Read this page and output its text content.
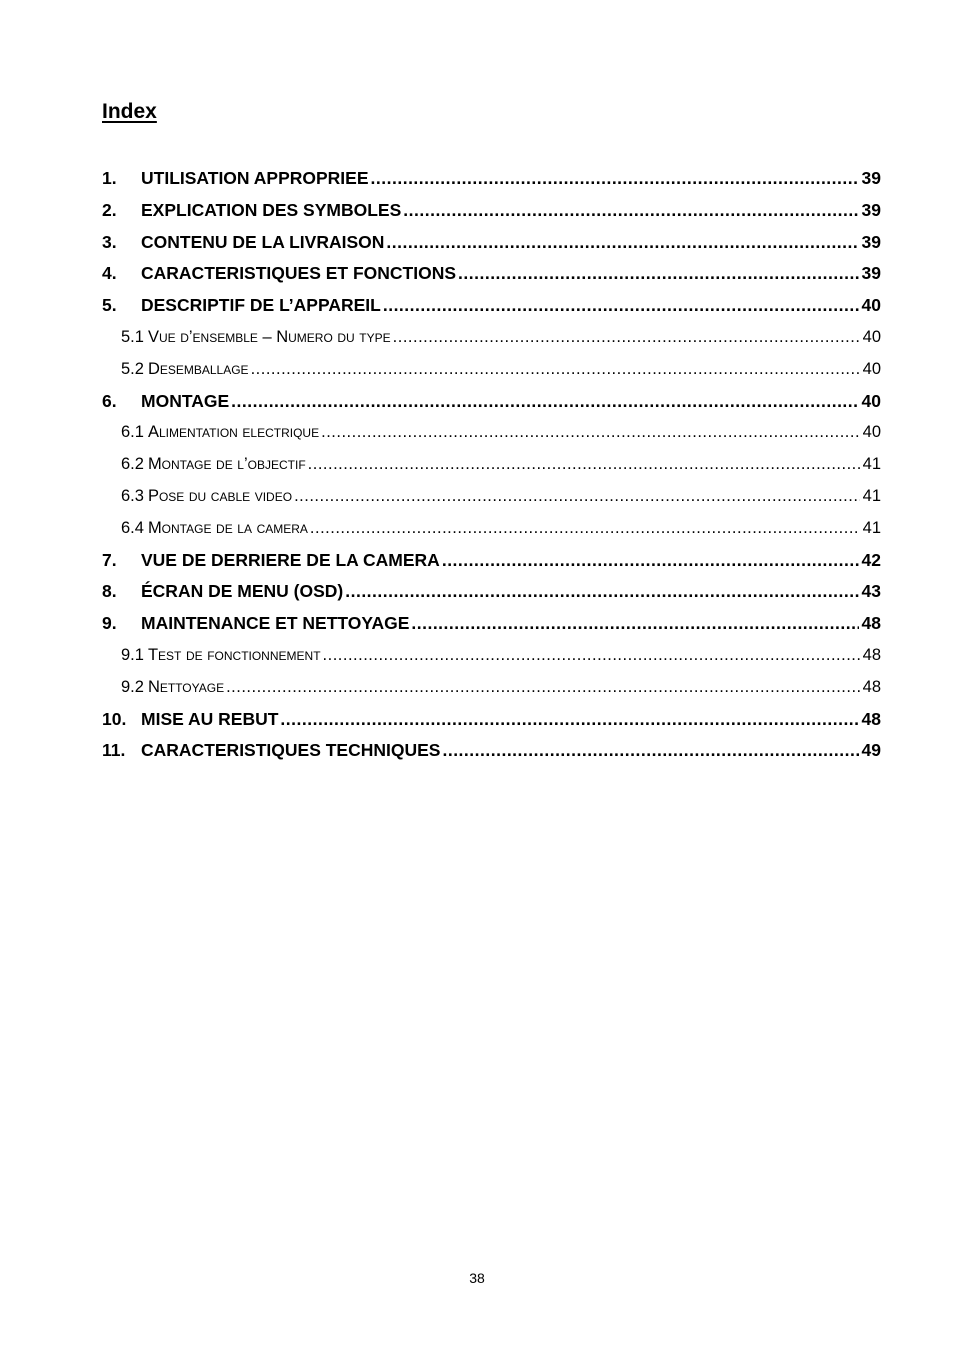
Index
1.	UTILISATION APPROPRIEE .....	39
2.	EXPLICATION DES SYMBOLES .....	39
3.	CONTENU DE LA LIVRAISON .....	39
4.	CARACTERISTIQUES ET FONCTIONS .....	39
5.	DESCRIPTIF DE L’APPAREIL .....	40
5.1 Vue d’ensemble – Numero du type .....	40
5.2 Desemballage .....	40
6.	MONTAGE .....	40
6.1 Alimentation electrique .....	40
6.2 Montage de l’objectif .....	41
6.3 Pose du cable video .....	41
6.4 Montage de la camera .....	41
7.	VUE DE DERRIERE DE LA CAMERA .....	42
8.	ÉCRAN DE MENU (OSD) .....	43
9.	MAINTENANCE ET NETTOYAGE .....	48
9.1 Test de fonctionnement .....	48
9.2 Nettoyage .....	48
10. MISE AU REBUT .....	48
11. CARACTERISTIQUES TECHNIQUES .....	49
38
